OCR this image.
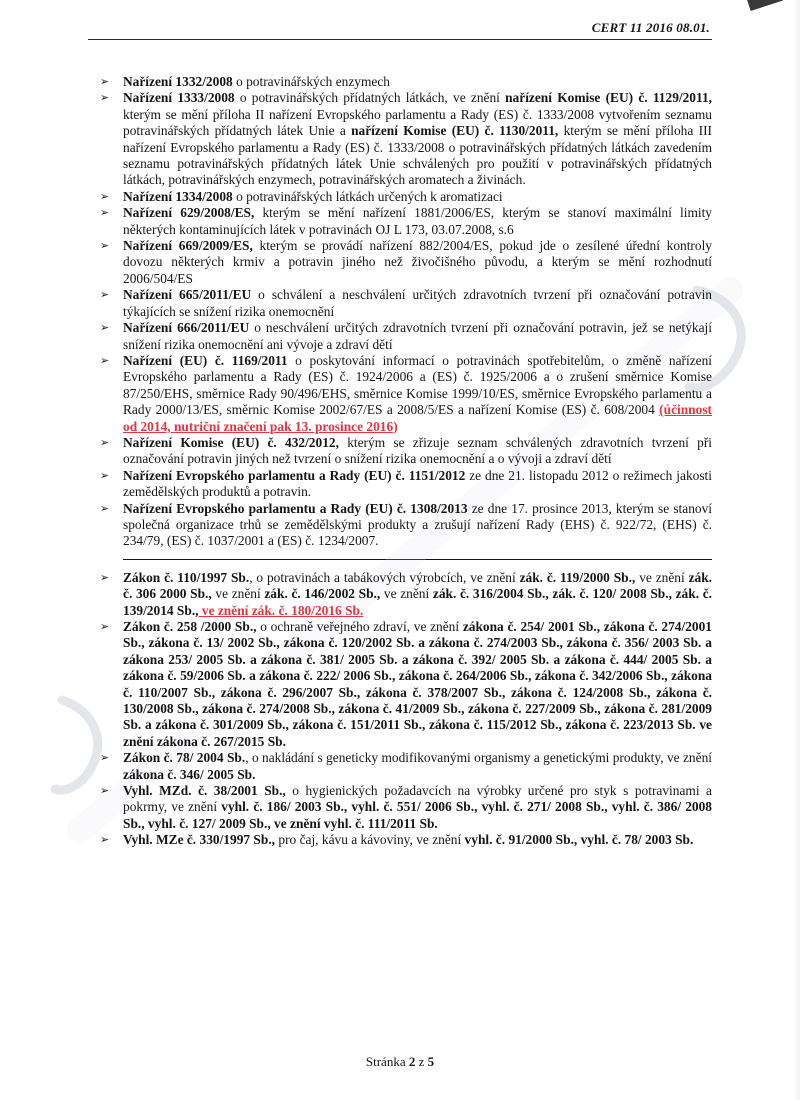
CERT 11 2016 08.01.
➢ Nařízení 1332/2008 o potravinářských enzymech
➢ Nařízení 1333/2008 o potravinářských přídatných látkách, ve znění nařízení Komise (EU) č. 1129/2011, kterým se mění příloha II nařízení Evropského parlamentu a Rady (ES) č. 1333/2008 vytvořením seznamu potravinářských přídatných látek Unie a nařízení Komise (EU) č. 1130/2011, kterým se mění příloha III nařízení Evropského parlamentu a Rady (ES) č. 1333/2008 o potravinářských přídatných látkách zavedením seznamu potravinářských přídatných látek Unie schválených pro použití v potravinářských přídatných látkách, potravinářských enzymech, potravinářských aromatech a živinách.
➢ Nařízení 1334/2008 o potravinářských látkách určených k aromatizaci
➢ Nařízení 629/2008/ES, kterým se mění nařízení 1881/2006/ES, kterým se stanoví maximální limity některých kontaminujících látek v potravinách OJ L 173, 03.07.2008, s.6
➢ Nařízení 669/2009/ES, kterým se provádí nařízení 882/2004/ES, pokud jde o zesílené úřední kontroly dovozu některých krmiv a potravin jiného než živočišného původu, a kterým se mění rozhodnutí 2006/504/ES
➢ Nařízení 665/2011/EU o schválení a neschválení určitých zdravotních tvrzení při označování potravin týkajících se snížení rizika onemocnění
➢ Nařízení 666/2011/EU o neschválení určitých zdravotních tvrzení při označování potravin, jež se netýkají snížení rizika onemocnění ani vývoje a zdraví dětí
➢ Nařízení (EU) č. 1169/2011 o poskytování informací o potravinách spotřebitelům, o změně nařízení Evropského parlamentu a Rady (ES) č. 1924/2006 a (ES) č. 1925/2006 a o zrušení směrnice Komise 87/250/EHS, směrnice Rady 90/496/EHS, směrnice Komise 1999/10/ES, směrnice Evropského parlamentu a Rady 2000/13/ES, směrnic Komise 2002/67/ES a 2008/5/ES a nařízení Komise (ES) č. 608/2004 (účinnost od 2014, nutriční značení pak 13. prosince 2016)
➢ Nařízení Komise (EU) č. 432/2012, kterým se zřizuje seznam schválených zdravotních tvrzení při označování potravin jiných než tvrzení o snížení rizika onemocnění a o vývoji a zdraví dětí
➢ Nařízení Evropského parlamentu a Rady (EU) č. 1151/2012 ze dne 21. listopadu 2012 o režimech jakosti zemědělských produktů a potravin.
➢ Nařízení Evropského parlamentu a Rady (EU) č. 1308/2013 ze dne 17. prosince 2013, kterým se stanoví společná organizace trhů se zemědělskými produkty a zrušují nařízení Rady (EHS) č. 922/72, (EHS) č. 234/79, (ES) č. 1037/2001 a (ES) č. 1234/2007.
➢ Zákon č. 110/1997 Sb., o potravinách a tabákových výrobcích, ve znění zák. č. 119/2000 Sb., ve znění zák. č. 306 2000 Sb., ve znění zák. č. 146/2002 Sb., ve znění zák. č. 316/2004 Sb., zák. č. 120/ 2008 Sb., zák. č. 139/2014 Sb., ve znění zák. č. 180/2016 Sb.
➢ Zákon č. 258 /2000 Sb., o ochraně veřejného zdraví, ve znění zákona č. 254/ 2001 Sb., zákona č. 274/2001 Sb., zákona č. 13/ 2002 Sb., zákona č. 120/2002 Sb. a zákona č. 274/2003 Sb., zákona č. 356/ 2003 Sb. a zákona 253/ 2005 Sb. a zákona č. 381/ 2005 Sb. a zákona č. 392/ 2005 Sb. a zákona č. 444/ 2005 Sb. a zákona č. 59/2006 Sb. a zákona č. 222/ 2006 Sb., zákona č. 264/2006 Sb., zákona č. 342/2006 Sb., zákona č. 110/2007 Sb., zákona č. 296/2007 Sb., zákona č. 378/2007 Sb., zákona č. 124/2008 Sb., zákona č. 130/2008 Sb., zákona č. 274/2008 Sb., zákona č. 41/2009 Sb., zákona č. 227/2009 Sb., zákona č. 281/2009 Sb. a zákona č. 301/2009 Sb., zákona č. 151/2011 Sb., zákona č. 115/2012 Sb., zákona č. 223/2013 Sb. ve znění zákona č. 267/2015 Sb.
➢ Zákon č. 78/ 2004 Sb., o nakládání s geneticky modifikovanými organismy a genetickými produkty, ve znění zákona č. 346/ 2005 Sb.
➢ Vyhl. MZd. č. 38/2001 Sb., o hygienických požadavcích na výrobky určené pro styk s potravinami a pokrmy, ve znění vyhl. č. 186/ 2003 Sb., vyhl. č. 551/ 2006 Sb., vyhl. č. 271/ 2008 Sb., vyhl. č. 386/ 2008 Sb., vyhl. č. 127/ 2009 Sb., ve znění vyhl. č. 111/2011 Sb.
➢ Vyhl. MZe č. 330/1997 Sb., pro čaj, kávu a kávoviny, ve znění vyhl. č. 91/2000 Sb., vyhl. č. 78/ 2003 Sb.
Stránka 2 z 5
